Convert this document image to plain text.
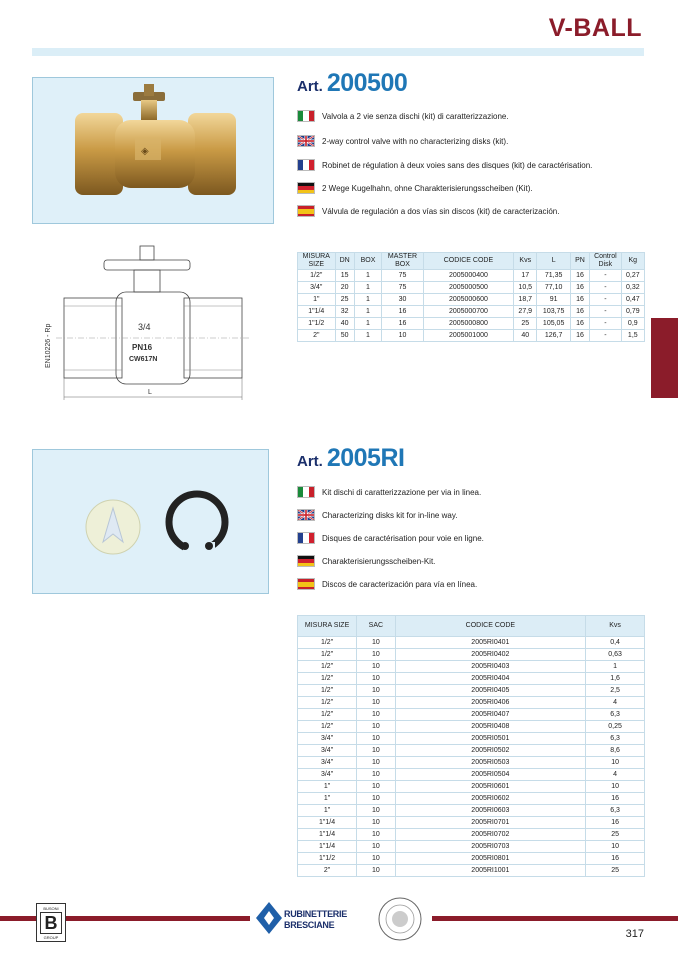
V-BALL
◈
Art. 200500
Valvola a 2 vie senza dischi (kit) di caratterizzazione.
2-way control valve with no characterizing disks (kit).
Robinet de régulation à deux voies sans des disques (kit) de caractérisation.
2 Wege Kugelhahn, ohne Charakterisierungsscheiben (Kit).
Válvula de regulación a dos vías sin discos (kit) de caracterización.
3/4
PN16
CW617N
L
EN10226 - Rp
MISURA SIZE	DN	BOX	MASTER BOX	CODICE CODE	Kvs	L	PN	Control Disk	Kg
1/2"	15	1	75	2005000400	17	71,35	16	-	0,27
3/4"	20	1	75	2005000500	10,5	77,10	16	-	0,32
1"	25	1	30	2005000600	18,7	91	16	-	0,47
1"1/4	32	1	16	2005000700	27,9	103,75	16	-	0,79
1"1/2	40	1	16	2005000800	25	105,05	16	-	0,9
2"	50	1	10	2005001000	40	126,7	16	-	1,5
Art. 2005RI
Kit dischi di caratterizzazione per via in linea.
Characterizing disks kit for in-line way.
Disques de caractérisation pour voie en ligne.
Charakterisierungsscheiben-Kit.
Discos de caracterización para vía en línea.
MISURA SIZE	SAC	CODICE CODE	Kvs
1/2"	10	2005RI0401	0,4
1/2"	10	2005RI0402	0,63
1/2"	10	2005RI0403	1
1/2"	10	2005RI0404	1,6
1/2"	10	2005RI0405	2,5
1/2"	10	2005RI0406	4
1/2"	10	2005RI0407	6,3
1/2"	10	2005RI0408	0,25
3/4"	10	2005RI0501	6,3
3/4"	10	2005RI0502	8,6
3/4"	10	2005RI0503	10
3/4"	10	2005RI0504	4
1"	10	2005RI0601	10
1"	10	2005RI0602	16
1"	10	2005RI0603	6,3
1"1/4	10	2005RI0701	16
1"1/4	10	2005RI0702	25
1"1/4	10	2005RI0703	10
1"1/2	10	2005RI0801	16
2"	10	2005RI1001	25
BUSONI
B
GROUP
RUBINETTERIE
BRESCIANE
317
